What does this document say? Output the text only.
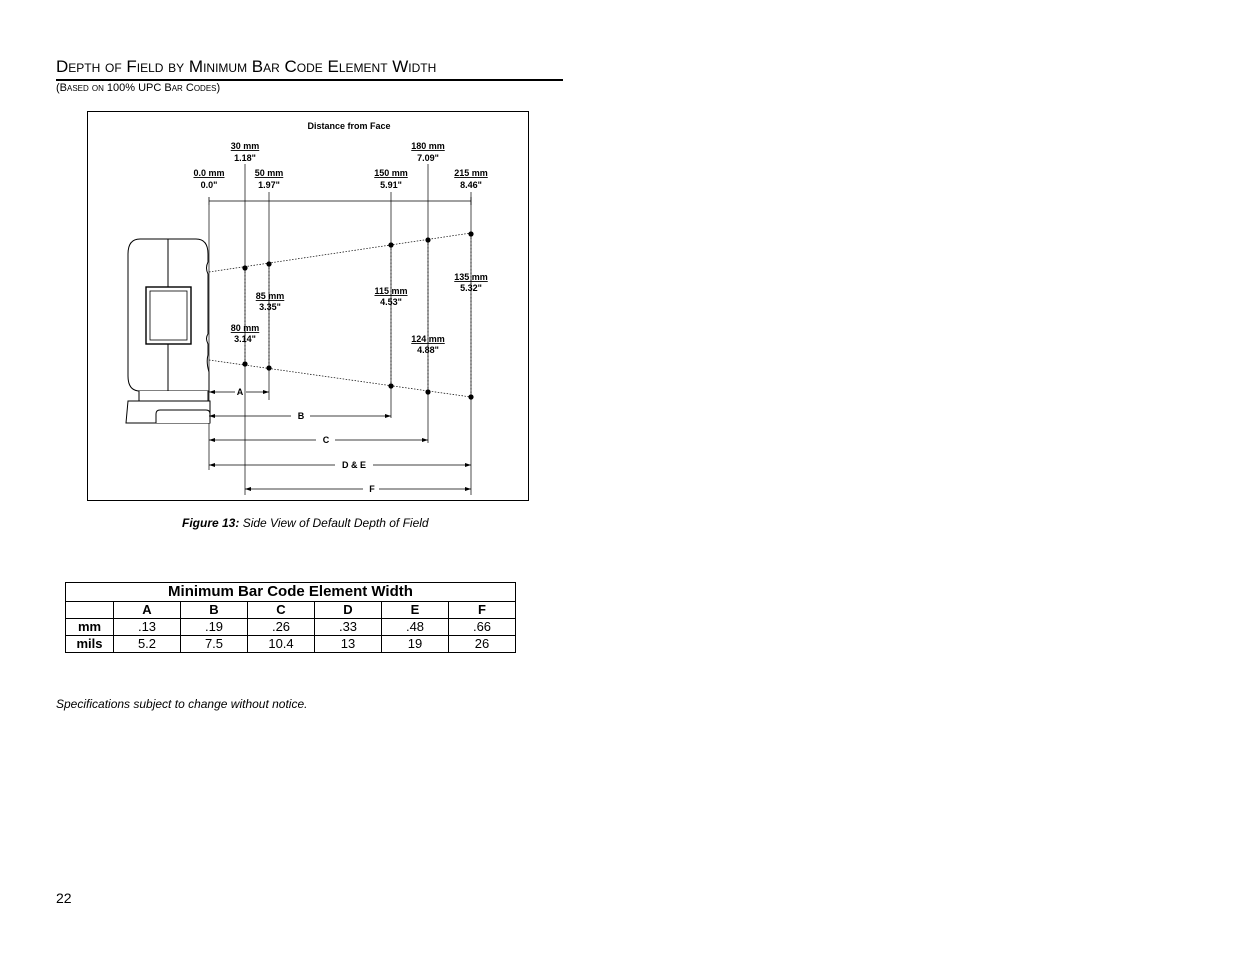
Depth of Field by Minimum Bar Code Element Width
(Based on 100% UPC Bar Codes)
Distance from Face
0.0 mm
0.0"
30 mm
1.18"
50 mm
1.97"
150 mm
5.91"
180 mm
7.09"
215 mm
8.46"
80 mm
3.14"
85 mm
3.35"
115 mm
4.53"
124 mm
4.88"
135 mm
5.32"
A
B
C
D & E
F
Figure 13: Side View of Default Depth of Field
Minimum Bar Code Element Width						
	A	B	C	D	E	F
mm	.13	.19	.26	.33	.48	.66
mils	5.2	7.5	10.4	13	19	26
Specifications subject to change without notice.
22
